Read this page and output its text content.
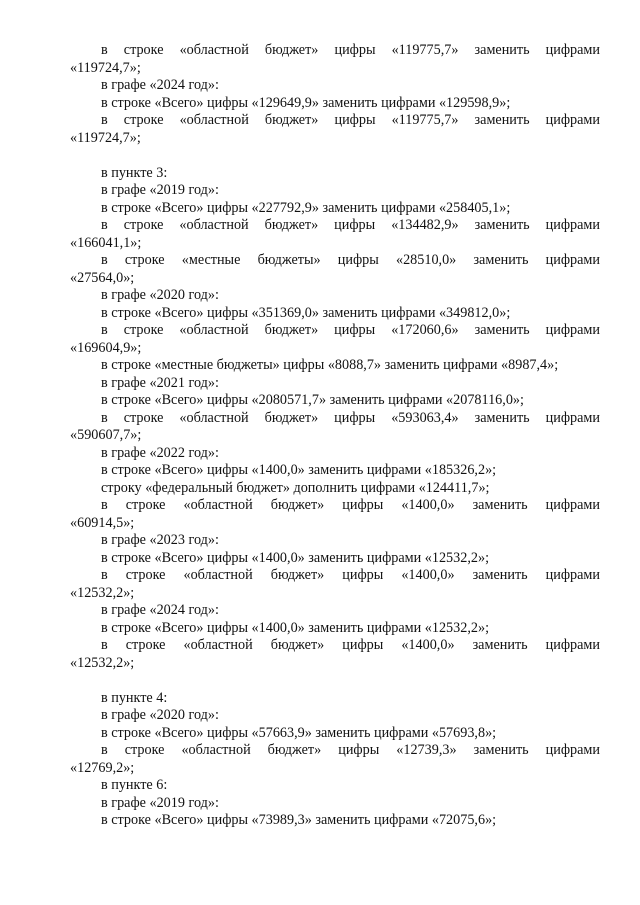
в строке «областной бюджет» цифры «119775,7» заменить цифрами
«119724,7»;
в графе «2024 год»:
в строке «Всего» цифры «129649,9» заменить цифрами «129598,9»;
в строке «областной бюджет» цифры «119775,7» заменить цифрами
«119724,7»;
в пункте 3:
в графе «2019 год»:
в строке «Всего» цифры «227792,9» заменить цифрами «258405,1»;
в строке «областной бюджет» цифры «134482,9» заменить цифрами
«166041,1»;
в строке «местные бюджеты» цифры «28510,0» заменить цифрами
«27564,0»;
в графе «2020 год»:
в строке «Всего» цифры «351369,0» заменить цифрами «349812,0»;
в строке «областной бюджет» цифры «172060,6» заменить цифрами
«169604,9»;
в строке «местные бюджеты» цифры «8088,7» заменить цифрами «8987,4»;
в графе «2021 год»:
в строке «Всего» цифры «2080571,7» заменить цифрами «2078116,0»;
в строке «областной бюджет» цифры «593063,4» заменить цифрами
«590607,7»;
в графе «2022 год»:
в строке «Всего» цифры «1400,0» заменить цифрами «185326,2»;
строку «федеральный бюджет» дополнить цифрами «124411,7»;
в строке «областной бюджет» цифры «1400,0» заменить цифрами
«60914,5»;
в графе «2023 год»:
в строке «Всего» цифры «1400,0» заменить цифрами «12532,2»;
в строке «областной бюджет» цифры «1400,0» заменить цифрами
«12532,2»;
в графе «2024 год»:
в строке «Всего» цифры «1400,0» заменить цифрами «12532,2»;
в строке «областной бюджет» цифры «1400,0» заменить цифрами
«12532,2»;
в пункте 4:
в графе «2020 год»:
в строке «Всего» цифры «57663,9» заменить цифрами «57693,8»;
в строке «областной бюджет» цифры «12739,3» заменить цифрами
«12769,2»;
в пункте 6:
в графе «2019 год»:
в строке «Всего» цифры «73989,3» заменить цифрами «72075,6»;
